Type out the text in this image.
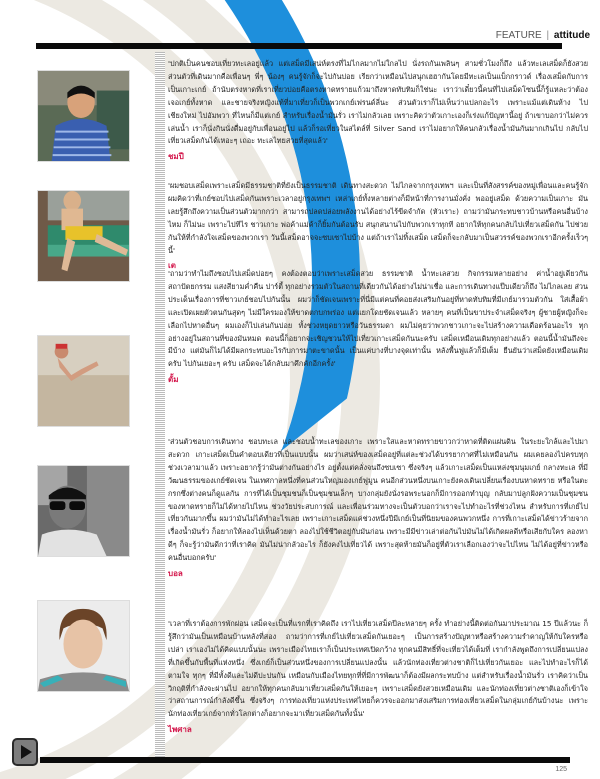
FEATURE | attitude

'ปกติเป็นคนชอบเที่ยวทะเลอยู่แล้ว แต่เสม็ดมีเสน่ห์ตรงที่ไม่ไกลมากไม่ใกลไป นั่งรถกันเพลินๆ สามชั่วโมงก็ถึง แล้วทะเลเสม็ดก็ยังสวย ส่วนตัวที่เดินมากคือเพื่อนๆ พี่ๆ น้องๆ คนรู้จักก็จะไปกันบ่อย เรียกว่าเหมือนไปสนุกเฮฮากันโดยมีทะเลเป็นแบ็กกราวด์ เรื่องเสม็ดกับการเป็นเกาะเกย์ ถ้านับตรงหาดที่เราเที่ยวบ่อยคือตรงหาดทรายแก้วมาถึงหาดทับทิมก็ใช่นะ เราว่าเดี๋ยวนี้คนที่ไปเสม็ดโซนนี้ก็รู้แหละว่าต้องเจอเกย์ทั้งหาด และชายจริงหญิงแท้ที่มาเที่ยวก็เป็นพวกเกย์เฟรนด์ลี่นะ ส่วนตัวเราก็ไม่เห็นว่าแปลกอะไร เพราะแม้แต่เดินห้าง ไปเชียงใหม่ ไปอัมพวา ที่ไหนก็มีแต่เกย์ สำหรับเรื่องน้ำมันรั่ว เราไม่กลัวเลย เพราะคิดว่าตัวเกาะเองก็เร่งแก้ปัญหานี้อยู่ ถ้าเขาบอกว่าไม่ควรเล่นน้ำ เราก็นั่งกินนั่งดื่มอยู่กับเพื่อนอยู่ไป แล้วก็รอเที่ยวในสไตล์ที่ Silver Sand เราไม่อยากให้คนกลัวเรื่องน้ำมันกันมากเกินไป กลับไปเที่ยวเสม็ดกันได้เหอะๆ เถอะ ทะเลไทยสวยที่สุดแล้ว'

ชมปี

'ผมชอบเสม็ดเพราะเสม็ดมีธรรมชาติที่ยังเป็นธรรมชาติ เดินทางสะดวก ไม่ไกลจากกรุงเทพฯ และเป็นที่สังสรรค์ของหมู่เพื่อนและคนรู้จัก ผมคิดว่าที่เกย์ชอบไปเสม็ดกันเพราะเวลาอยู่กรุงเทพฯ เหล่าเกย์ทั้งหลายต่างก็มีหน้าที่การงานมั่งคั่ง พออยู่เสม็ด ด้วยความเป็นเกาะ มันเลยรู้สึกถึงความเป็นส่วนตัวมากกว่า สามารถปลดปล่อยพลังงานได้อย่างไร้ขีดจำกัด (หัวเราะ) ถามว่ามันกระทบชาวบ้านหรือคนอื่นบ้างไหม ก็ไม่นะ เพราะไปทีไร ชาวเกาะ พ่อค้าแม่ค้าก็ยิ้มกันต้อนรับ สนุกสนานไปกับพวกเราทุกที อยากให้ทุกคนกลับไปเที่ยวเสม็ดกัน ไปช่วยกันให้ที่กำลังใจเสม็ดของพวกเรา วันนี้เสม็ดอาจจะซบเซาไปบ้าง แต่ถ้าเราไม่ทิ้งเสม็ด เสม็ดก็จะกลับมาเป็นสวรรค์ของพวกเราอีกครั้งเร็วๆ นี้'

เต

'ถามว่าทำไมถึงชอบไปเสม็ดบ่อยๆ คงต้องตอบว่าเพราะเสม็ดสวย ธรรมชาติ น้ำทะเลสวย กิจกรรมหลายอย่าง ค่าน้ำอยู่เดียวกัน สถาปัตยกรรม แสงสียามค่ำคืน ปาร์ตี้ ทุกอย่างรวมตัวในสถานที่เดียวกันได้อย่างไม่น่าเชื่อ และการเดินทางแป๊บเดียวก็ถึง ไม่ไกลเลย ส่วนประเด็นเรื่องการที่ชาวเกย์ชอบไปกันนั้น ผมว่าก็ชัดเจนเพราะที่นี่มีแต่คนที่คอยส่งเสริมกันอยู่ที่หาดทับทิมที่มีเกย์มารวมตัวกัน ใส่เสื้อผ้าและเปิดเผยตัวตนกันสุดๆ ไม่มีใครมองให้ขาดตกบกพร่อง แต่แยกโดยชัดเจนแล้ว หลายๆ คนที่เป็นขาประจำเสม็ดจริงๆ ผู้ชายผู้หญิงก็จะเลือกไปหาดอื่นๆ ผมเองก็ไปเล่นกันบ่อย ทั้งช่วงหยุดยาวหรือวันธรรมดา ผมไม่คุยว่าพวกชาวเกาะจะไปสร้างความเดือดร้อนอะไร ทุกอย่างอยู่ในสถานที่ของมันหมด ตอนนี้ก็อยากจะเชิญชวนให้ไปเที่ยวเกาะเสม็ดกันนะครับ เสม็ดเหมือนเดิมทุกอย่างแล้ว ตอนนี้น้ำมันถึงจะมีบ้าง แต่มันก็ไม่ได้มีผลกระทบอะไรกับการมาตะขาดนั้น เป็นแค่บางที่บางจุดเท่านั้น หลังพื้นฟูแล้วก็มีเต็ม ยืนยันว่าเสม็ดยังเหมือนเดิมครับ ไปกันเยอะๆ ครับ เสม็ดจะได้กลับมาคึกคักอีกครั้ง'

ตั้ม

'ส่วนตัวชอบการเดินทาง ชอบทะเล และชอบน้ำทะเลของเกาะ เพราะใสและหาดทรายขาวกว่าหาดที่ติดแผ่นดิน ในระยะใกล้และไปมาสะดวก เกาะเสม็ดเป็นคำตอบเดียวที่เป็นแบบนั้น ผมว่าเสน่ห์ของเสม็ดอยู่ที่แต่ละช่วงได้บรรยากาศที่ไม่เหมือนกัน ผมเคยลองไปครบทุกช่วงเวลามาแล้ว เพราะอยากรู้ว่ามันต่างกันอย่างไร อยู่ตั้งแต่คลั่งจนถึงซบเซา ซึ่งจริงๆ แล้วเกาะเสม็ดเป็นแหล่งชุมนุมเกย์ กลางทะเล ที่มีวัฒนธรรมของเกย์ชัดเจน ในเทศกาลหนึ่งที่คนส่วนใหญ่มองเกย์ฟูมูน คนอีกส่วนหนึ่งบนเกาะยังคงเดินเปลี่ยนเรื่องบนหาดทราย หรือในตะกรกซึ่งต่างคนก็ดูแลกัน การที่ได้เป็นชุมชนก็เป็นชุมชนเล็กๆ บางกลุ่มยังนั่งรอพระนอกก็มีการออกทำบุญ กลับมาปลูกฝังความเป็นชุมชนของหาดทรายก็ไม่ได้หายไปไหน ช่วงวัยประสบการณ์ และเพื่อนร่วมทางจะเป็นตัวบอกว่าเราจะไปทำอะไรที่ช่วงไหน สำหรับการที่เกย์ไปเที่ยวกันมากขึ้น ผมว่ามันไม่ได้ทำอะไรเลย เพราะเกาะเสม็ดแค่ช่วงหนึ่งปีมีเกย์เป็นที่นิยมของคนพวกหนึ่ง การที่เกาะเสม็ดได้ข่าวร้ายจากเรื่องน้ำมันรั่ว ก็อยากให้ลองไปเห็นด้วยตา ลองไปใช้ชีวิตอยู่กับมันก่อน เพราะมีมีข่าวเล่าต่อกันไปมันไม่ได้เกิดผลดีหรือเสียกับใคร ลองหาดีๆ ก็จะรู้ว่ามันดีกว่าที่เราคิด มันไม่น่ากลัวอะไร ก็ยังคงไปเที่ยวได้ เพราะสุดท้ายมันก็อยู่ที่ตัวเราเลือกเองว่าจะไปไหน ไม่ได้อยู่ที่ข่าวหรือคนอื่นบอกครับ'

บอล

'เวลาที่เราต้องการพักผ่อน เสม็ดจะเป็นที่แรกที่เราคิดถึง เราไปเที่ยวเสม็ดปีละหลายๆ ครั้ง ทำอย่างนี้ติดต่อกันมาประมาณ 15 ปีแล้วนะ ก็รู้สึกว่ามันเป็นเหมือนบ้านหลังที่สอง ถามว่าการที่เกย์ไปเที่ยวเสม็ดกันเยอะๆ เป็นการสร้างปัญหาหรือสร้างความรำคาญให้กับใครหรือเปล่า เราเองไม่ได้คิดแบบนั้นนะ เพราะเมืองไทยเราก็เป็นประเทศเปิดกว้าง ทุกคนมีสิทธิ์ที่จะเที่ยวได้เต็มที่ เรากำลังพูดถึงการเปลี่ยนแปลงที่เกิดขึ้นกับพื้นที่แห่งหนึ่ง ซึ่งเกย์ก็เป็นส่วนหนึ่งของการเปลี่ยนแปลงนั้น แล้วนักท่องเที่ยวต่างชาติก็ไปเที่ยวกันเยอะ และไปทำอะไรก็ได้ตามใจ ทุกๆ ที่มีทั้งดีและไม่ดีปะปนกัน เหมือนกับเมืองไทยทุกที่ที่มีการพัฒนาก็ต้องมีผลกระทบบ้าง แต่สำหรับเรื่องน้ำมันรั่ว เราคิดว่าเป็นวิกฤติที่กำลังจะผ่านไป อยากให้ทุกคนกลับมาเที่ยวเสม็ดกันให้เยอะๆ เพราะเสม็ดยังสวยเหมือนเดิม และนักท่องเที่ยวต่างชาติเองก็เข้าใจว่าสถานการณ์กำลังดีขึ้น ซึ่งจริงๆ การท่องเที่ยวแห่งประเทศไทยก็ควรจะออกมาส่งเสริมการท่องเที่ยวเสม็ดในกลุ่มเกย์กันบ้างนะ เพราะนักท่องเที่ยวเกย์จากทั่วโลกต่างก็อยากจะมาเที่ยวเสม็ดกันทั้งนั้น'

ไพศาล
125
